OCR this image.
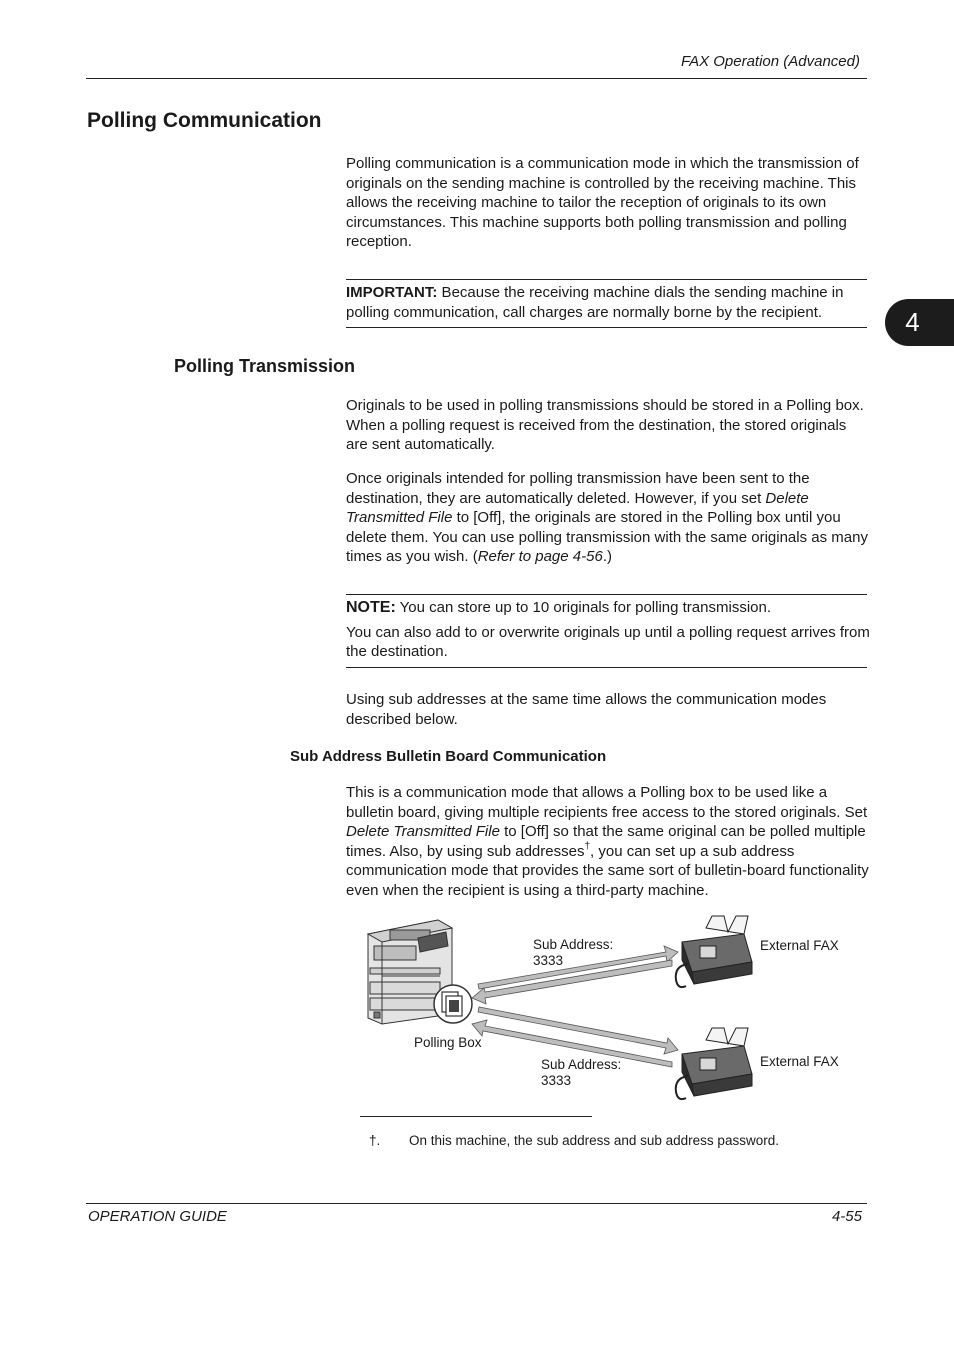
FAX Operation (Advanced)
4
Polling Communication

Polling communication is a communication mode in which the transmission of originals on the sending machine is controlled by the receiving machine. This allows the receiving machine to tailor the reception of originals to its own circumstances. This machine supports both polling transmission and polling reception.

IMPORTANT: Because the receiving machine dials the sending machine in polling communication, call charges are normally borne by the recipient.

Polling Transmission

Originals to be used in polling transmissions should be stored in a Polling box. When a polling request is received from the destination, the stored originals are sent automatically.

Once originals intended for polling transmission have been sent to the destination, they are automatically deleted. However, if you set Delete Transmitted File to [Off], the originals are stored in the Polling box until you delete them. You can use polling transmission with the same originals as many times as you wish. (Refer to page 4-56.)

NOTE: You can store up to 10 originals for polling transmission.

You can also add to or overwrite originals up until a polling request arrives from the destination.

Using sub addresses at the same time allows the communication modes described below.

Sub Address Bulletin Board Communication

This is a communication mode that allows a Polling box to be used like a bulletin board, giving multiple recipients free access to the stored originals. Set Delete Transmitted File to [Off] so that the same original can be polled multiple times. Also, by using sub addresses†, you can set up a sub address communication mode that provides the same sort of bulletin-board functionality even when the recipient is using a third-party machine.

Sub Address:
3333
External FAX
Polling Box
Sub Address:
3333
External FAX
†. On this machine, the sub address and sub address password.
OPERATION GUIDE	4-55
